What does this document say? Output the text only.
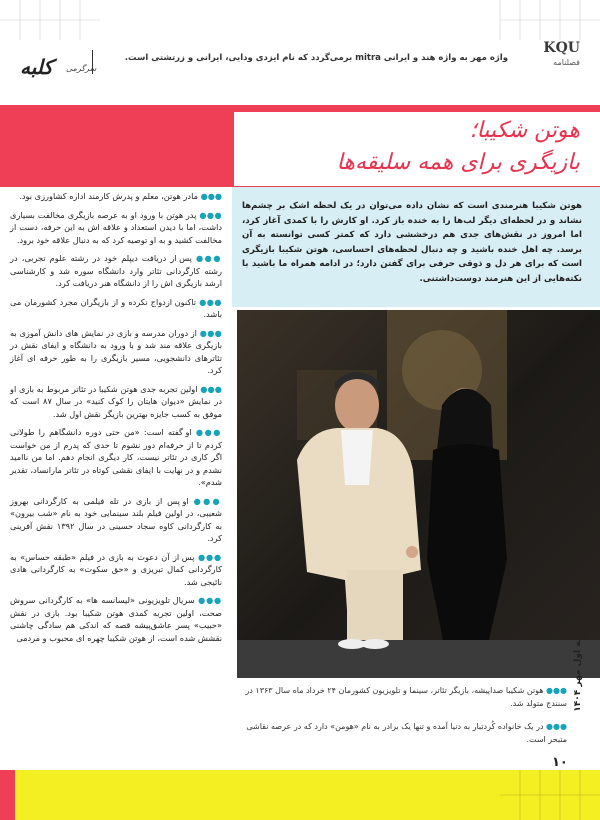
واژه مهر به واژه هند و ایرانی mitra برمی‌گردد که نام ایزدی ودایی، ایرانی و زرتشتی است.
کلبه سرگرمی
KQU
فصلنامه
هوتن شکیبا؛
بازیگری برای همه سلیقه‌ها
هوتن شکیبا هنرمندی است که نشان داده می‌توان در یک لحظه اشک بر چشم‌ها نشاند و در لحظه‌ای دیگر لب‌ها را به خنده باز کرد. او کارش را با کمدی آغاز کرد، اما امروز در نقش‌های جدی هم درخششی دارد که کمتر کسی توانسته به آن برسد. چه اهل خنده باشید و چه دنبال لحظه‌های احساسی، هوتن شکیبا بازیگری است که برای هر دل و ذوقی حرفی برای گفتن دارد؛ در ادامه همراه ما باشید با نکته‌هایی از این هنرمند دوست‌داشتنی.

●●● هوتن شکیبا صداپیشه، بازیگر تئاتر، سینما و تلویزیون کشورمان ۲۴ خرداد ماه سال ۱۳۶۳ در سنندج متولد شد.

●●● در یک خانواده کُردتبار به دنیا آمده و تنها یک برادر به نام «هومن» دارد که در عرصه نقاشی متبحر است.

نیمه اول مهر ۱۴۰۴

●●● مادر هوتن، معلم و پدرش کارمند اداره کشاورزی بود.

●●● پدر هوتن با ورود او به عرصه بازیگری مخالفت بسیاری داشت، اما با دیدن استعداد و علاقه اش به این حرفه، دست از مخالفت کشید و به او توصیه کرد که به دنبال علاقه خود برود.

●●● پس از دریافت دیپلم خود در رشته علوم تجربی، در رشته کارگردانی تئاتر وارد دانشگاه سوره شد و کارشناسی ارشد بازیگری اش را از دانشگاه هنر دریافت کرد.

●●● تاکنون ازدواج نکرده و از بازیگران مجرد کشورمان می باشد.

●●● از دوران مدرسه و بازی در نمایش های دانش آموزی به بازیگری علاقه مند شد و با ورود به دانشگاه و ایفای نقش در تئاترهای دانشجویی، مسیر بازیگری را به طور حرفه ای آغاز کرد.

●●● اولین تجربه جدی هوتن شکیبا در تئاتر مربوط به بازی او در نمایش «دیوان هایتان را کوک کنید» در سال ۸۷ است که موفق به کسب جایزه بهترین بازیگر نقش اول شد.

●●● او گفته است: «من حتی دوره دانشگاهم را طولانی کردم تا از حرفه‌ام دور نشوم تا حدی که پدرم از من خواست اگر کاری در تئاتر نیست، کار دیگری انجام دهم. اما من ناامید نشدم و در نهایت با ایفای نقشی کوتاه در تئاتر مارانساد، تقدیر شدم».

●●● او پس از بازی در تله فیلمی به کارگردانی بهروز شعیبی، در اولین فیلم بلند سینمایی خود به نام «شب بیرون» به کارگردانی کاوه سجاد حسینی در سال ۱۳۹۲ نقش آفرینی کرد.

●●● پس از آن دعوت به بازی در فیلم «طبقه حساس» به کارگردانی کمال تبریزی و «حق سکوت» به کارگردانی هادی نائیجی شد.

●●● سریال تلویزیونی «لیسانسه ها» به کارگردانی سروش صحت، اولین تجربه کمدی هوتن شکیبا بود. بازی در نقش «حبیب» پسر عاشق‌پیشه قصه که اندکی هم سادگی چاشنی نقشش شده است، از هوتن شکیبا چهره ای محبوب و مردمی

۱۰
